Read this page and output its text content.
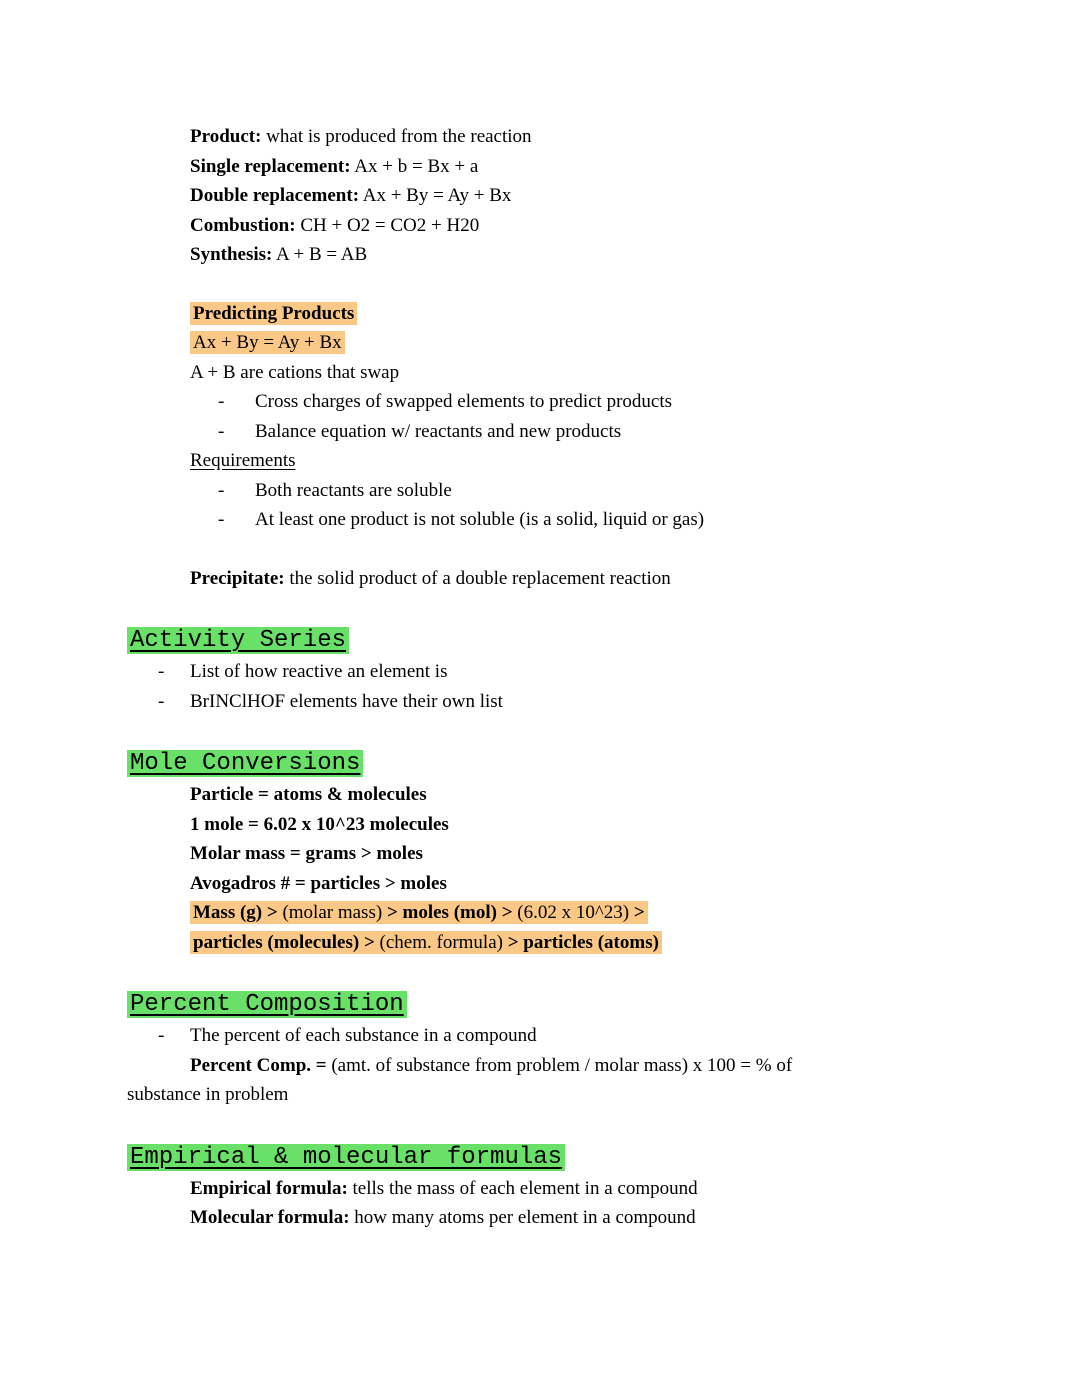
Product: what is produced from the reaction
Single replacement: Ax + b = Bx + a
Double replacement: Ax + By = Ay + Bx
Combustion: CH + O2 = CO2 + H20
Synthesis: A + B = AB
Predicting Products
Ax + By = Ay + Bx
A + B are cations that swap
-	Cross charges of swapped elements to predict products
-	Balance equation w/ reactants and new products
Requirements
-	Both reactants are soluble
-	At least one product is not soluble (is a solid, liquid or gas)
Precipitate: the solid product of a double replacement reaction
Activity Series
-	List of how reactive an element is
-	BrINClHOF elements have their own list
Mole Conversions
Particle = atoms & molecules
1 mole = 6.02 x 10^23 molecules
Molar mass = grams > moles
Avogadros # = particles > moles
Mass (g) > (molar mass) > moles (mol) > (6.02 x 10^23) >
particles (molecules) > (chem. formula) > particles (atoms)
Percent Composition
-	The percent of each substance in a compound
Percent Comp. = (amt. of substance from problem / molar mass) x 100 = % of
substance in problem
Empirical & molecular formulas
Empirical formula: tells the mass of each element in a compound
Molecular formula: how many atoms per element in a compound
